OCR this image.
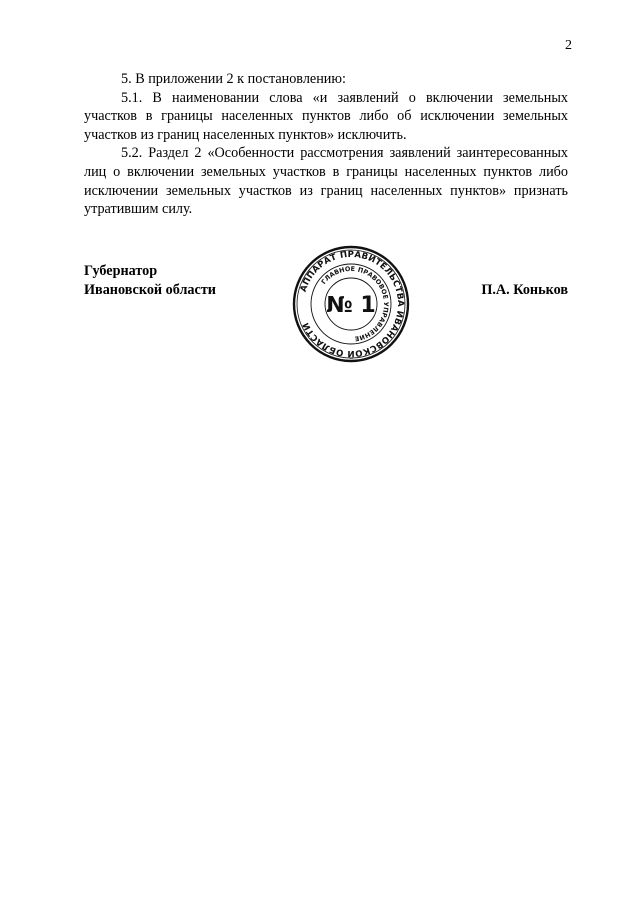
2

5. В приложении 2 к постановлению:

5.1. В наименовании слова «и заявлений о включении земельных участков в границы населенных пунктов либо об исключении земельных участков из границ населенных пунктов» исключить.

5.2. Раздел 2 «Особенности рассмотрения заявлений заинтересованных лиц о включении земельных участков в границы населенных пунктов либо исключении земельных участков из границ населенных пунктов» признать утратившим силу.

Губернатор
Ивановской области	АППАРАТ ПРАВИТЕЛЬСТВА ИВАНОВСКОЙ ОБЛАСТИ
ГЛАВНОЕ ПРАВОВОЕ УПРАВЛЕНИЕ
№ 1
П.А. Коньков
